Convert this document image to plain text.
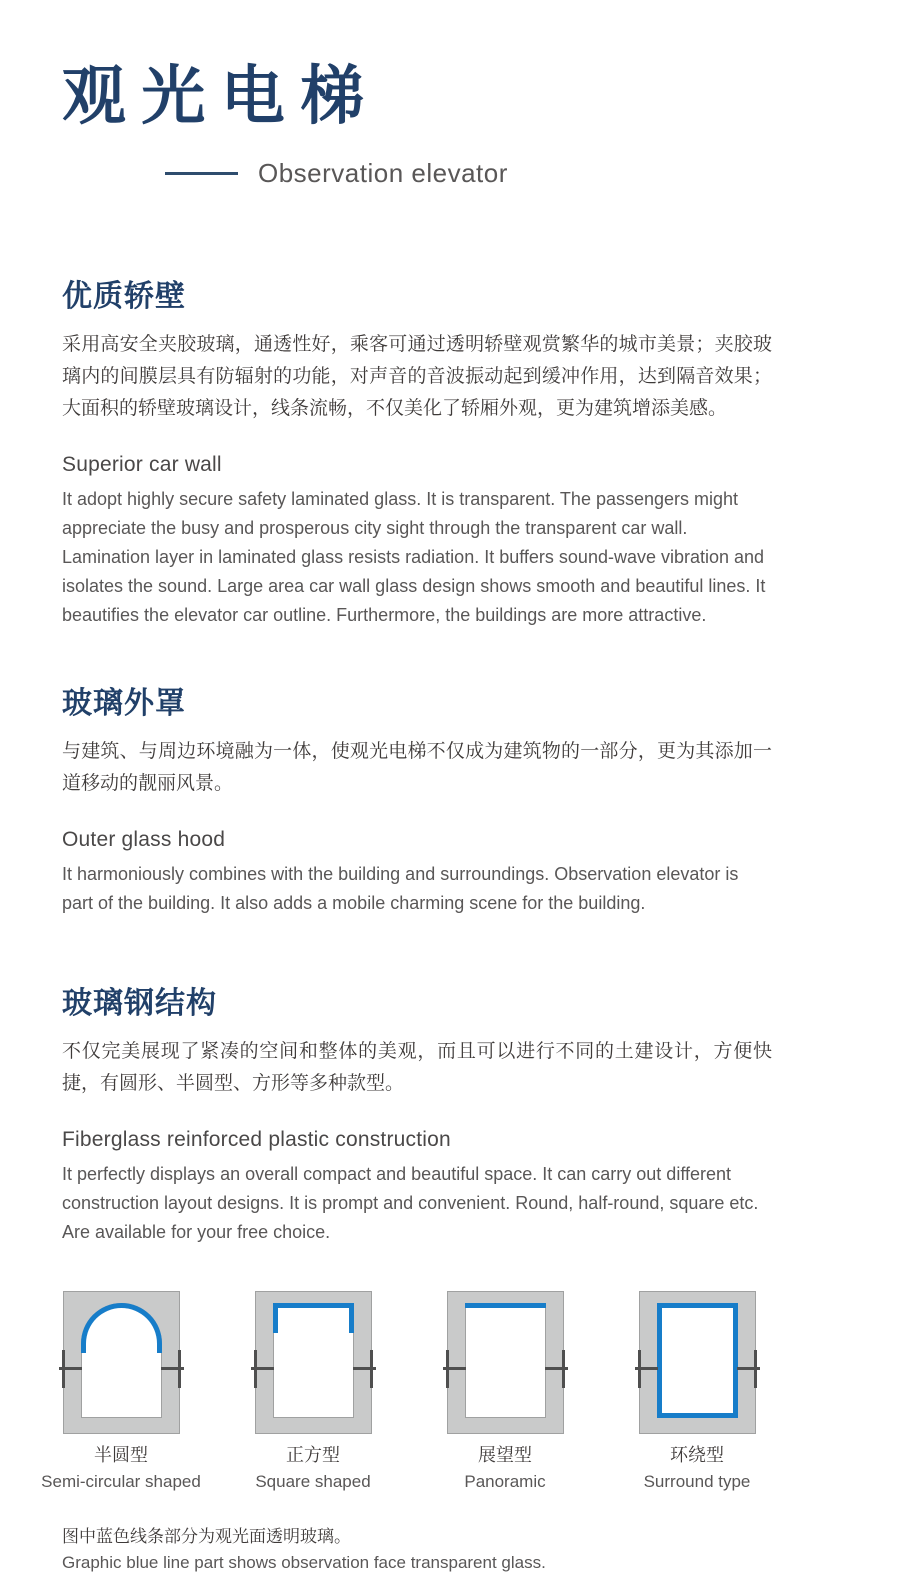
观光电梯
Observation elevator
优质轿壁

采用高安全夹胶玻璃，通透性好，乘客可通过透明轿壁观赏繁华的城市美景；夹胶玻璃内的间膜层具有防辐射的功能，对声音的音波振动起到缓冲作用，达到隔音效果；大面积的轿壁玻璃设计，线条流畅，不仅美化了轿厢外观，更为建筑增添美感。

Superior car wall

It adopt highly secure safety laminated glass. It is transparent. The passengers might appreciate the busy and prosperous city sight through the transparent car wall. Lamination layer in laminated glass resists radiation. It buffers sound-wave vibration and isolates the sound. Large area car wall glass design shows smooth and beautiful lines. It beautifies the elevator car outline. Furthermore, the buildings are more attractive.

玻璃外罩

与建筑、与周边环境融为一体，使观光电梯不仅成为建筑物的一部分，更为其添加一道移动的靓丽风景。

Outer glass hood

It harmoniously combines with the building and surroundings. Observation elevator is part of the building. It also adds a mobile charming scene for the building.

玻璃钢结构

不仅完美展现了紧凑的空间和整体的美观，而且可以进行不同的土建设计，方便快捷，有圆形、半圆型、方形等多种款型。

Fiberglass reinforced plastic construction

It perfectly displays an overall compact and beautiful space. It can carry out different construction layout designs. It is prompt and convenient. Round, half-round, square etc. Are available for your free choice.

半圆型
Semi-circular shaped
正方型
Square shaped
展望型
Panoramic
环绕型
Surround type

图中蓝色线条部分为观光面透明玻璃。

Graphic blue line part shows observation face transparent glass.
